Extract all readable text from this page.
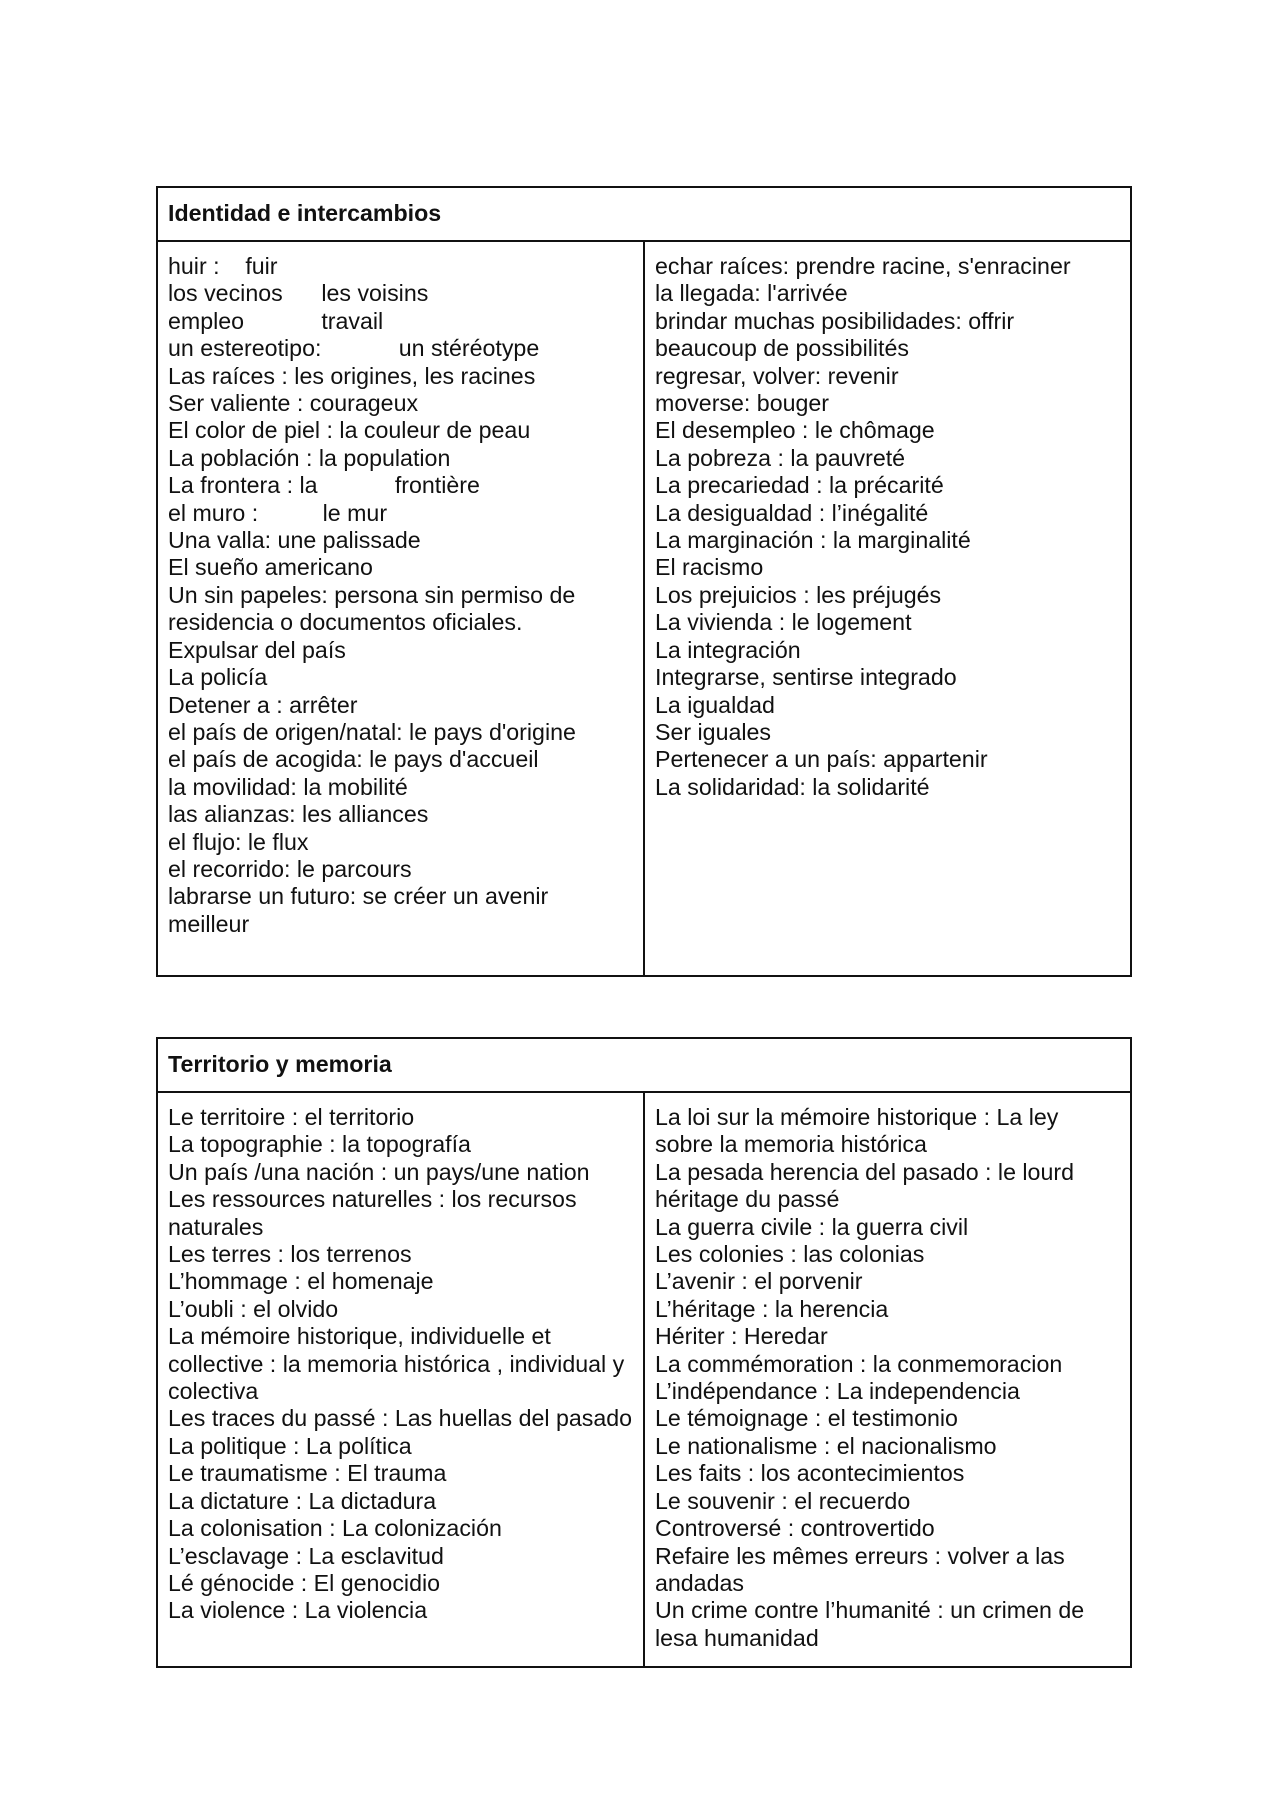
Identidad e intercambios

huir :    fuir
los vecinos      les voisins
empleo            travail
un estereotipo:            un stéréotype
Las raíces : les origines, les racines
Ser valiente : courageux
El color de piel : la couleur de peau
La población : la population
La frontera : la            frontière
el muro :          le mur
Una valla: une palissade
El sueño americano
Un sin papeles: persona sin permiso de residencia o documentos oficiales.
Expulsar del país
La policía
Detener a : arrêter
el país de origen/natal: le pays d'origine
el país de acogida: le pays d'accueil
la movilidad: la mobilité
las alianzas: les alliances
el flujo: le flux
el recorrido: le parcours
labrarse un futuro: se créer un avenir meilleur

echar raíces: prendre racine, s'enraciner
la llegada: l'arrivée
brindar muchas posibilidades: offrir beaucoup de possibilités
regresar, volver: revenir
moverse: bouger
El desempleo : le chômage
La pobreza : la pauvreté
La precariedad : la précarité
La desigualdad : l’inégalité
La marginación : la marginalité
El racismo
Los prejuicios : les préjugés
La vivienda : le logement
La integración
Integrarse, sentirse integrado
La igualdad
Ser iguales
Pertenecer a un país: appartenir
La solidaridad: la solidarité
Territorio y memoria

Le territoire : el territorio
La topographie : la topografía
Un país /una nación : un pays/une nation
Les ressources naturelles : los recursos naturales
Les terres : los terrenos
L’hommage : el homenaje
L’oubli : el olvido
La mémoire historique, individuelle et collective : la memoria histórica , individual y colectiva
Les traces du passé : Las huellas del pasado
La politique : La política
Le traumatisme : El trauma
La dictature : La dictadura
La colonisation : La colonización
L’esclavage : La esclavitud
Lé génocide : El genocidio
La violence : La violencia

La loi sur la mémoire historique : La ley sobre la memoria histórica
La pesada herencia del pasado : le lourd héritage du passé
La guerra civile : la guerra civil
Les colonies : las colonias
L’avenir : el porvenir
L’héritage : la herencia
Hériter : Heredar
La commémoration : la conmemoracion
L’indépendance : La independencia
Le témoignage : el testimonio
Le nationalisme : el nacionalismo
Les faits : los acontecimientos
Le souvenir : el recuerdo
Controversé : controvertido
Refaire les mêmes erreurs : volver a las andadas
Un crime contre l’humanité : un crimen de lesa humanidad
